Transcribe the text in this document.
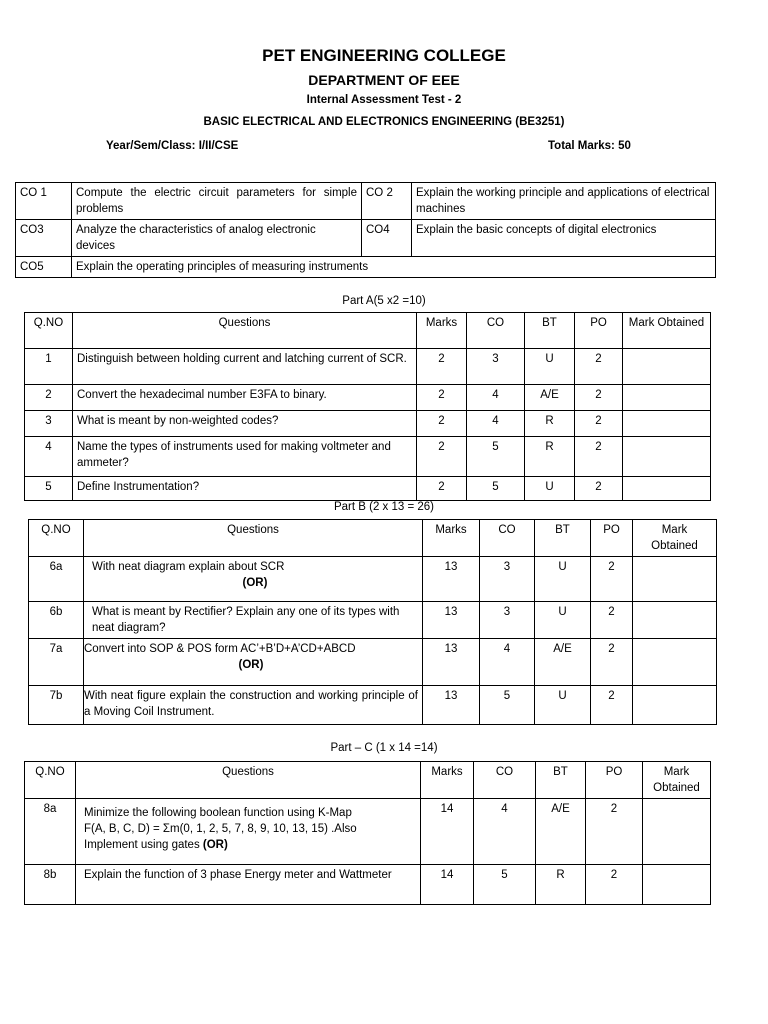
PET ENGINEERING COLLEGE
DEPARTMENT OF EEE
Internal Assessment Test - 2
BASIC ELECTRICAL AND ELECTRONICS ENGINEERING (BE3251)
Year/Sem/Class: I/II/CSE	Total Marks: 50
CO 1	Compute the electric circuit parameters for simple problems	CO 2	Explain the working principle and applications of electrical machines
CO3	Analyze the characteristics of analog electronic devices	CO4	Explain the basic concepts of digital electronics
CO5	Explain the operating principles of measuring instruments		
Part A(5 x2 =10)
Q.NO	Questions	Marks	CO	BT	PO	Mark Obtained
1	Distinguish between holding current and latching current of SCR.	2	3	U	2	
2	Convert the hexadecimal number E3FA to binary.	2	4	A/E	2	
3	What is meant by non-weighted codes?	2	4	R	2	
4	Name the types of instruments used for making voltmeter and ammeter?	2	5	R	2	
5	Define Instrumentation?	2	5	U	2	
Part B (2 x 13 = 26)
Q.NO	Questions	Marks	CO	BT	PO	Mark Obtained
6a	With neat diagram explain about SCR
(OR)	13	3	U	2	
6b	What is meant by Rectifier? Explain any one of its types with neat diagram?	13	3	U	2	
7a	Convert into SOP & POS form AC’+B’D+A’CD+ABCD
(OR)	13	4	A/E	2	
7b	With neat figure explain the construction and working principle of a Moving Coil Instrument.	13	5	U	2	
Part – C (1 x 14 =14)
Q.NO	Questions	Marks	CO	BT	PO	Mark Obtained
8a	Minimize the following boolean function using K-Map
F(A, B, C, D) = Σm(0, 1, 2, 5, 7, 8, 9, 10, 13, 15) .Also
Implement using gates (OR)	14	4	A/E	2	
8b	Explain the function of 3 phase Energy meter and Wattmeter	14	5	R	2	
